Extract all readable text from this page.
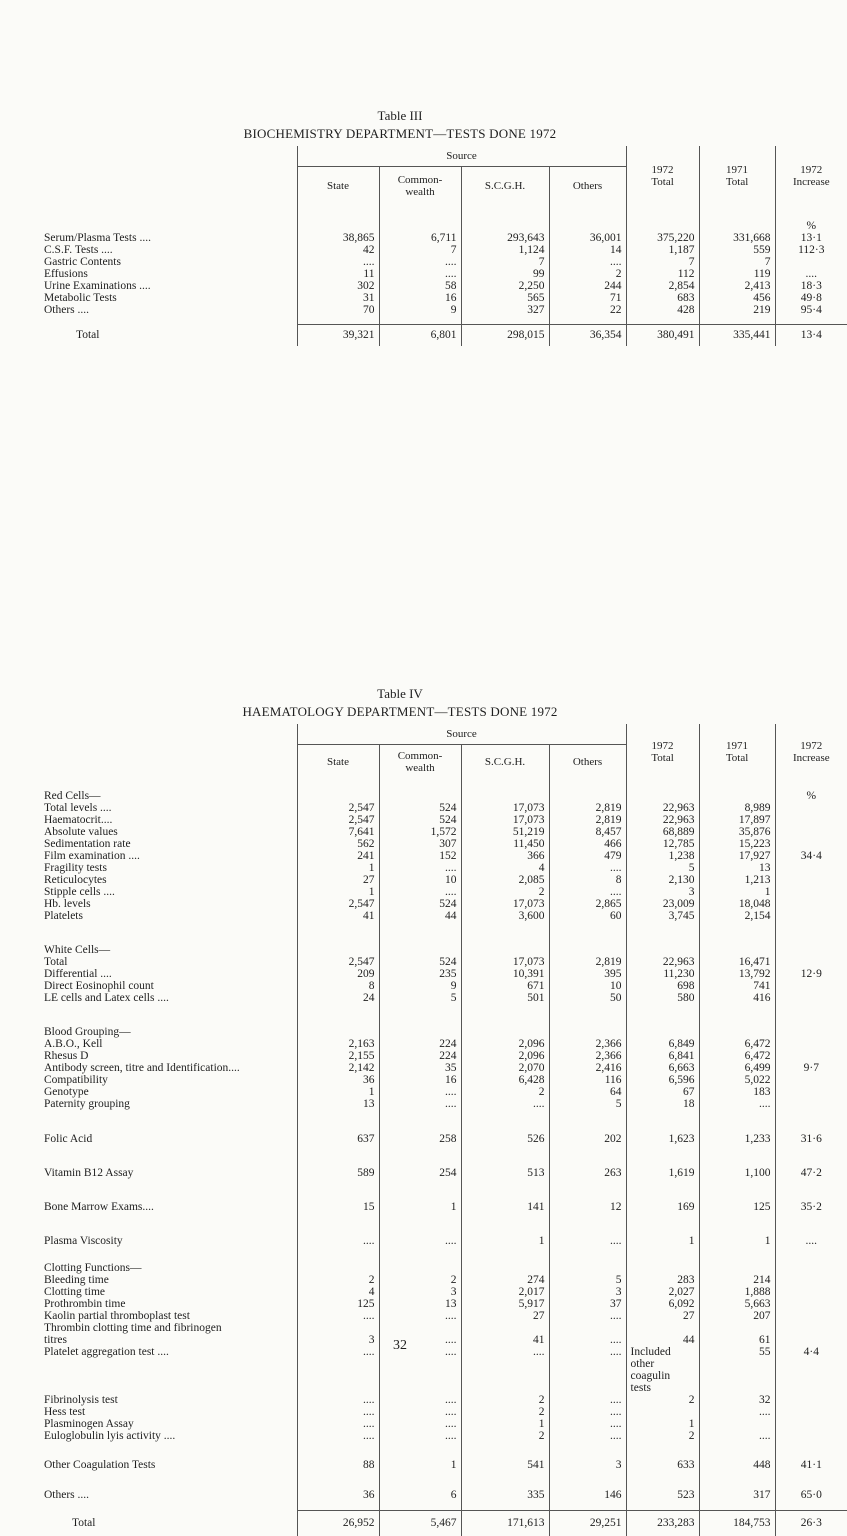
Table III
BIOCHEMISTRY DEPARTMENT—TESTS DONE 1972
	Source				1972
Total	1971
Total	1972
Increase
	State	Common-
wealth	S.C.G.H.	Others			

							%
Serum/Plasma Tests ....	38,865	6,711	293,643	36,001	375,220	331,668	13·1
C.S.F. Tests ....	42	7	1,124	14	1,187	559	112·3
Gastric Contents	....	....	7	....	7	7	
Effusions	11	....	99	2	112	119	....
Urine Examinations ....	302	58	2,250	244	2,854	2,413	18·3
Metabolic Tests	31	16	565	71	683	456	49·8
Others ....	70	9	327	22	428	219	95·4

Total	39,321	6,801	298,015	36,354	380,491	335,441	13·4
Table IV
HAEMATOLOGY DEPARTMENT—TESTS DONE 1972
	Source				1972
Total	1971
Total	1972
Increase
	State	Common-
wealth	S.C.G.H.	Others			

Red Cells—							%
Total levels ....	2,547	524	17,073	2,819	22,963	8,989	
Haematocrit....	2,547	524	17,073	2,819	22,963	17,897	
Absolute values	7,641	1,572	51,219	8,457	68,889	35,876	
Sedimentation rate	562	307	11,450	466	12,785	15,223	
Film examination ....	241	152	366	479	1,238	17,927	34·4
Fragility tests	1	....	4	....	5	13	
Reticulocytes	27	10	2,085	8	2,130	1,213	
Stipple cells ....	1	....	2	....	3	1	
Hb. levels	2,547	524	17,073	2,865	23,009	18,048	
Platelets	41	44	3,600	60	3,745	2,154	

White Cells—							
Total	2,547	524	17,073	2,819	22,963	16,471	
Differential ....	209	235	10,391	395	11,230	13,792	12·9
Direct Eosinophil count	8	9	671	10	698	741	
LE cells and Latex cells ....	24	5	501	50	580	416	

Blood Grouping—							
A.B.O., Kell	2,163	224	2,096	2,366	6,849	6,472	
Rhesus D	2,155	224	2,096	2,366	6,841	6,472	
Antibody screen, titre and Identification....	2,142	35	2,070	2,416	6,663	6,499	9·7
Compatibility	36	16	6,428	116	6,596	5,022	
Genotype	1	....	2	64	67	183	
Paternity grouping	13	....	....	5	18	....	

Folic Acid	637	258	526	202	1,623	1,233	31·6
Vitamin B12 Assay	589	254	513	263	1,619	1,100	47·2
Bone Marrow Exams....	15	1	141	12	169	125	35·2
Plasma Viscosity	....	....	1	....	1	1	....

Clotting Functions—							
Bleeding time	2	2	274	5	283	214	
Clotting time	4	3	2,017	3	2,027	1,888	
Prothrombin time	125	13	5,917	37	6,092	5,663	
Kaolin partial thromboplast test	....	....	27	....	27	207	
Thrombin clotting time and fibrinogen							
titres	3	....	41	....	44	61	
Platelet aggregation test ....	....	....	....	....	Included	55	4·4
					other		
					coagulin		
					tests		
Fibrinolysis test	....	....	2	....	2	32	
Hess test	....	....	2	....		....	
Plasminogen Assay	....	....	1	....	1		
Euloglobulin lyis activity ....	....	....	2	....	2	....	

Other Coagulation Tests	88	1	541	3	633	448	41·1
Others ....	36	6	335	146	523	317	65·0
Total	26,952	5,467	171,613	29,251	233,283	184,753	26·3
32
